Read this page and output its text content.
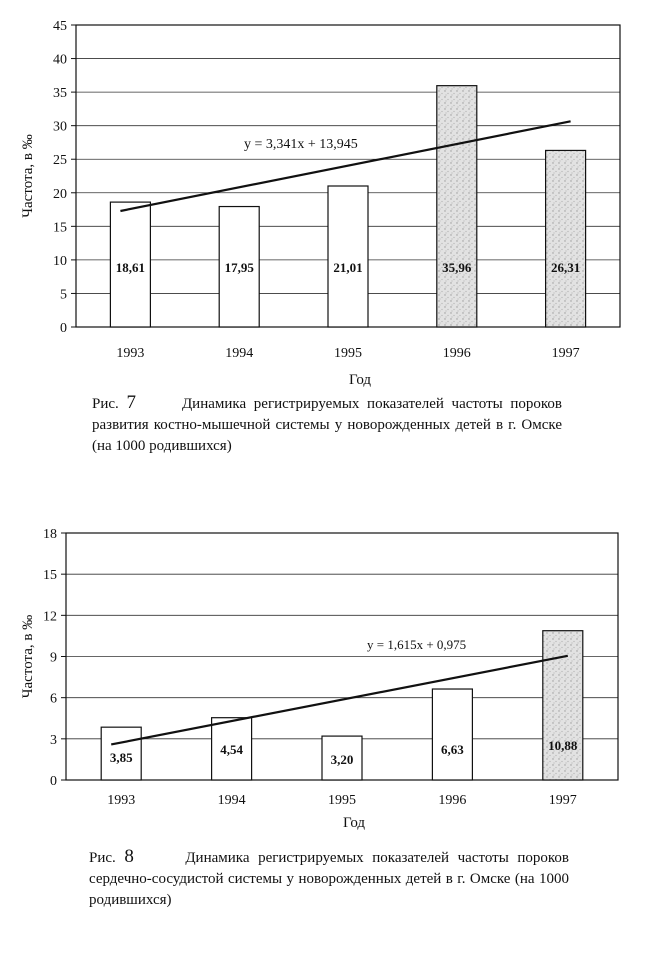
0
5
10
15
20
25
30
35
40
45
y = 3,341x + 13,945
18,61	17,95	21,01	35,96	26,31
1993	1994	1995	1996	1997
Год
Частота, в ‰
Рис. 7	Динамика регистрируемых показателей частоты пороков развития костно-мышечной системы у новорожденных детей в г. Омске (на 1000 родившихся)
0
3
6
9
12
15
18
y = 1,615x + 0,975
3,85
4,54
3,20
6,63	10,88
1993	1994	1995	1996	1997
Год
Частота, в ‰
Рис. 8	Динамика регистрируемых показателей частоты пороков сердечно-сосудистой системы у новорожденных детей в г. Омске (на 1000 родившихся)
